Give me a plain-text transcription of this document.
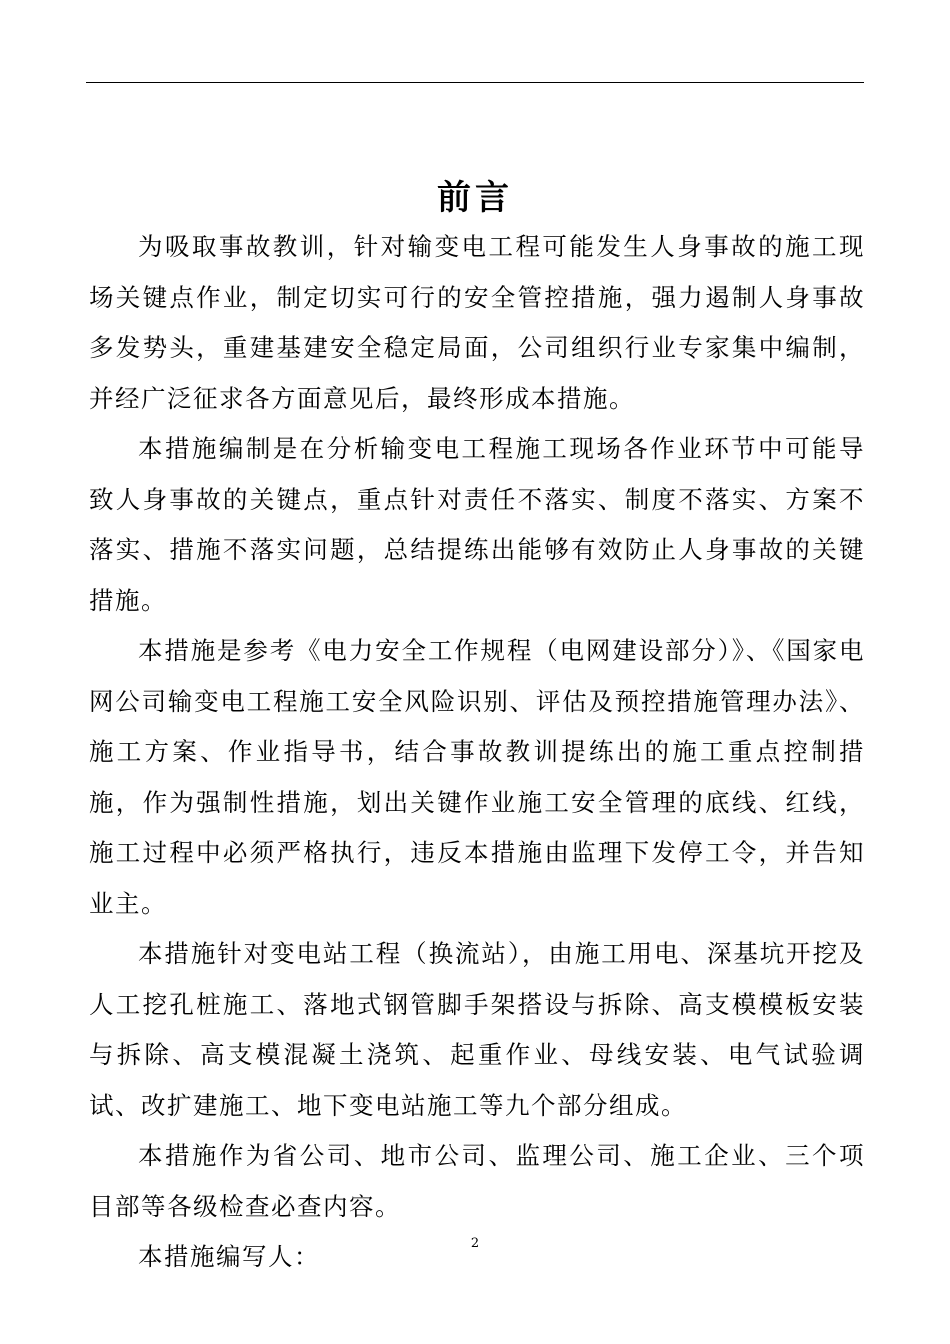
前言

为吸取事故教训，针对输变电工程可能发生人身事故的施工现场关键点作业，制定切实可行的安全管控措施，强力遏制人身事故多发势头，重建基建安全稳定局面，公司组织行业专家集中编制，并经广泛征求各方面意见后，最终形成本措施。

本措施编制是在分析输变电工程施工现场各作业环节中可能导致人身事故的关键点，重点针对责任不落实、制度不落实、方案不落实、措施不落实问题，总结提练出能够有效防止人身事故的关键措施。

本措施是参考《电力安全工作规程（电网建设部分）》、《国家电网公司输变电工程施工安全风险识别、评估及预控措施管理办法》、施工方案、作业指导书，结合事故教训提练出的施工重点控制措施，作为强制性措施，划出关键作业施工安全管理的底线、红线，施工过程中必须严格执行，违反本措施由监理下发停工令，并告知业主。

本措施针对变电站工程（换流站），由施工用电、深基坑开挖及人工挖孔桩施工、落地式钢管脚手架搭设与拆除、高支模模板安装与拆除、高支模混凝土浇筑、起重作业、母线安装、电气试验调试、改扩建施工、地下变电站施工等九个部分组成。

本措施作为省公司、地市公司、监理公司、施工企业、三个项目部等各级检查必查内容。

本措施编写人：	2
